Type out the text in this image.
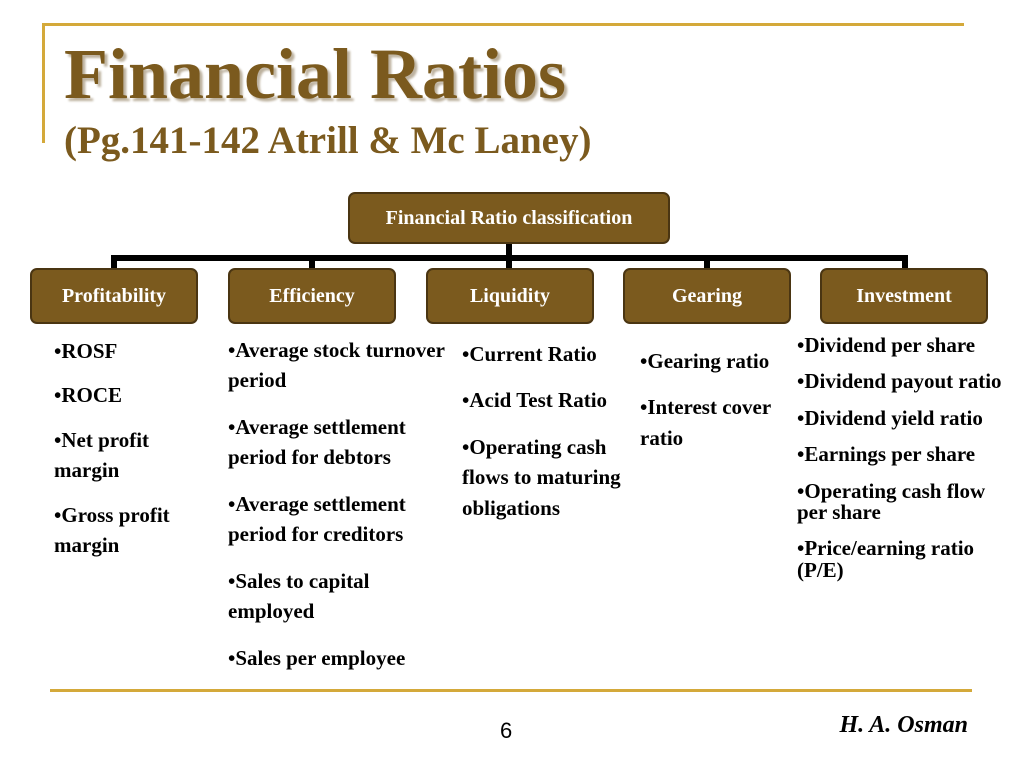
Financial Ratios
(Pg.141-142 Atrill & Mc Laney)
Financial Ratio classification
Profitability	Efficiency	Liquidity	Gearing	Investment
• ROSF
• ROCE
• Net profit margin
• Gross profit margin
• Average stock turnover period
• Average settlement period for debtors
• Average settlement period for creditors
• Sales to capital employed
• Sales per employee
• Current Ratio
• Acid Test Ratio
• Operating cash flows to maturing obligations
• Gearing ratio
• Interest cover ratio
• Dividend per share
• Dividend payout ratio
• Dividend yield ratio
• Earnings per share
• Operating cash flow per share
• Price/earning ratio (P/E)
6	H. A. Osman
